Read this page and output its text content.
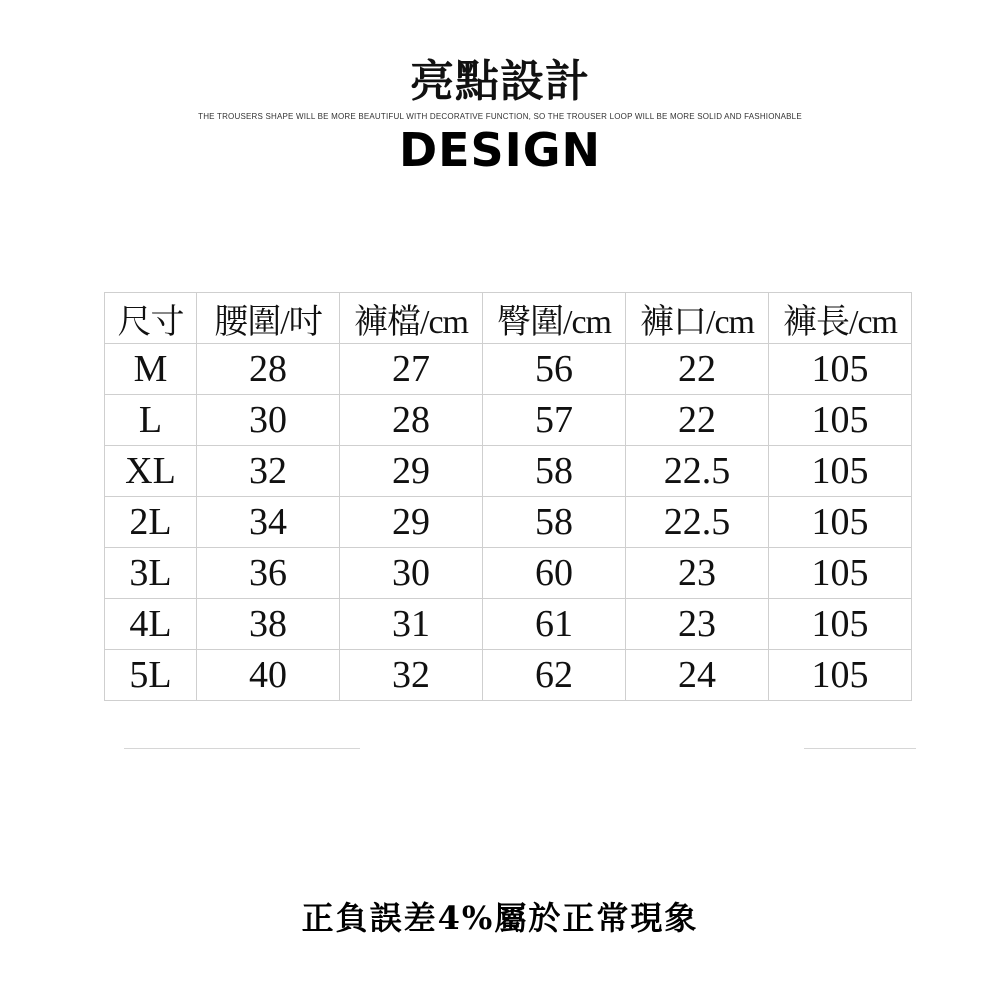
亮點設計
THE TROUSERS SHAPE WILL BE MORE BEAUTIFUL WITH DECORATIVE FUNCTION, SO THE TROUSER LOOP WILL BE MORE SOLID AND FASHIONABLE
DESIGN
尺寸	腰圍/吋	褲檔/cm	臀圍/cm	褲口/cm	褲長/cm
M	28	27	56	22	105
L	30	28	57	22	105
XL	32	29	58	22.5	105
2L	34	29	58	22.5	105
3L	36	30	60	23	105
4L	38	31	61	23	105
5L	40	32	62	24	105
正負誤差4%屬於正常現象
